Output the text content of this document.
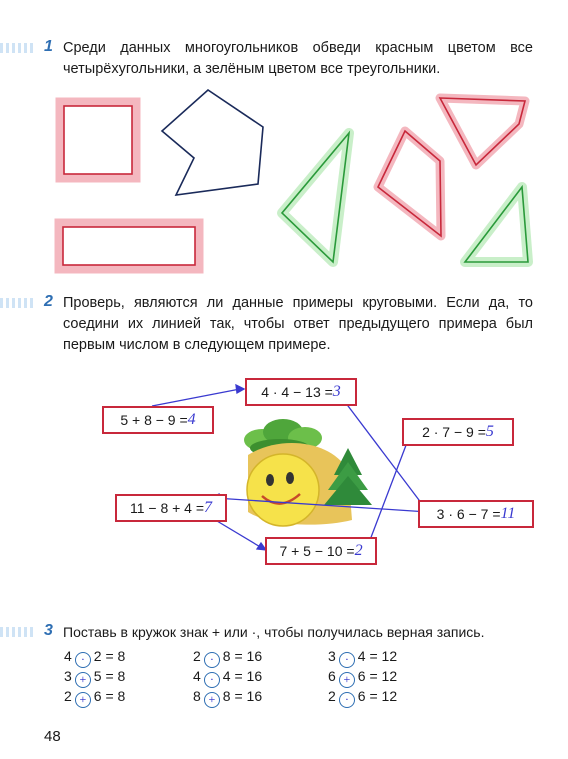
1 Среди данных многоугольников обведи красным цветом все
четырёхугольники, а зелёным цветом все треугольники.
2 Проверь, являются ли данные примеры круговыми. Если да, то
соедини их линией так, чтобы ответ предыдущего примера был
первым числом в следующем примере.
5 + 8 − 9 = 4
4 · 4 − 13 = 3
2 · 7 − 9 = 5
11 − 8 + 4 = 7	3 · 6 − 7 = 11
7 + 5 − 10 = 2
3 Поставь в кружок знак + или ·, чтобы получилась верная запись.
4 · 2 = 8
3 + 5 = 8
2 + 6 = 8
2 · 8 = 16
4 · 4 = 16
8 + 8 = 16
3 · 4 = 12
6 + 6 = 12
2 · 6 = 12
48
